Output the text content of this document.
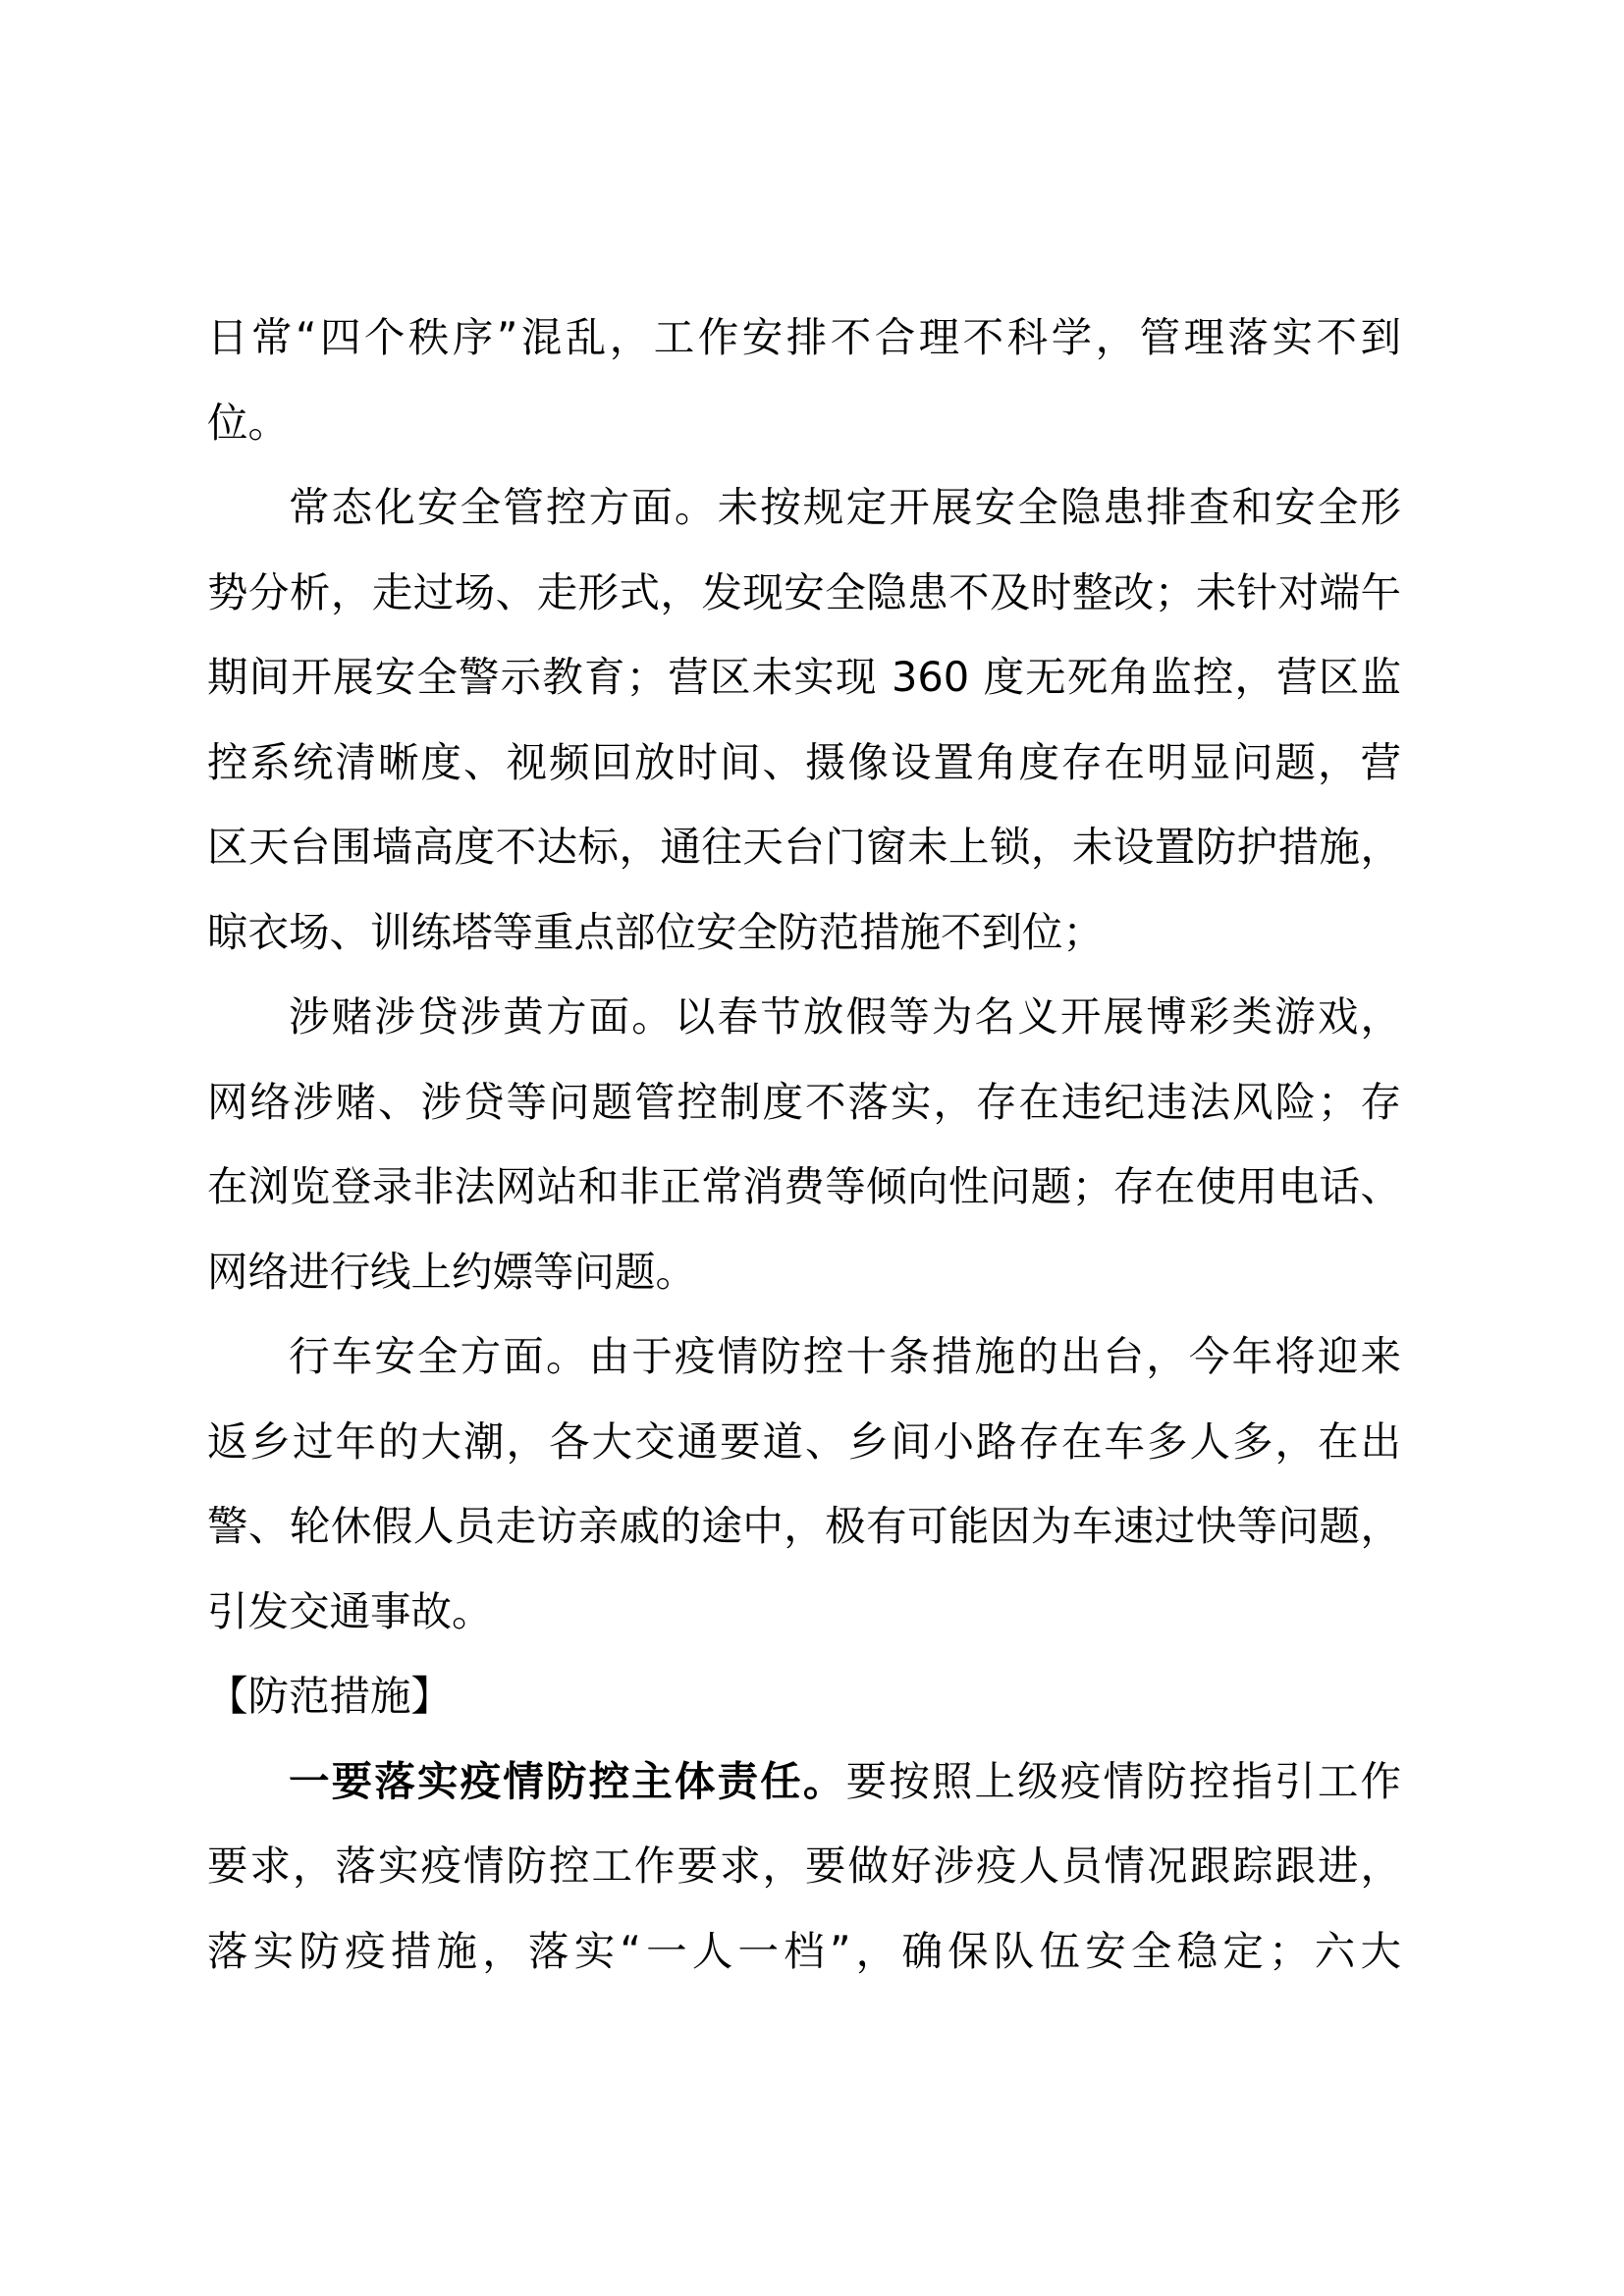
日常“四个秩序”混乱，工作安排不合理不科学，管理落实不到
位。
常态化安全管控方面。未按规定开展安全隐患排查和安全形
势分析，走过场、走形式，发现安全隐患不及时整改；未针对端午
期间开展安全警示教育；营区未实现 360 度无死角监控，营区监
控系统清晰度、视频回放时间、摄像设置角度存在明显问题，营
区天台围墙高度不达标，通往天台门窗未上锁，未设置防护措施，
晾衣场、训练塔等重点部位安全防范措施不到位；
涉赌涉贷涉黄方面。以春节放假等为名义开展博彩类游戏，
网络涉赌、涉贷等问题管控制度不落实，存在违纪违法风险；存
在浏览登录非法网站和非正常消费等倾向性问题；存在使用电话、
网络进行线上约嫖等问题。
行车安全方面。由于疫情防控十条措施的出台，今年将迎来
返乡过年的大潮，各大交通要道、乡间小路存在车多人多，在出
警、轮休假人员走访亲戚的途中，极有可能因为车速过快等问题，
引发交通事故。
【防范措施】
一要落实疫情防控主体责任。要按照上级疫情防控指引工作
要求，落实疫情防控工作要求，要做好涉疫人员情况跟踪跟进，
落实防疫措施，落实“一人一档”，确保队伍安全稳定；六大
